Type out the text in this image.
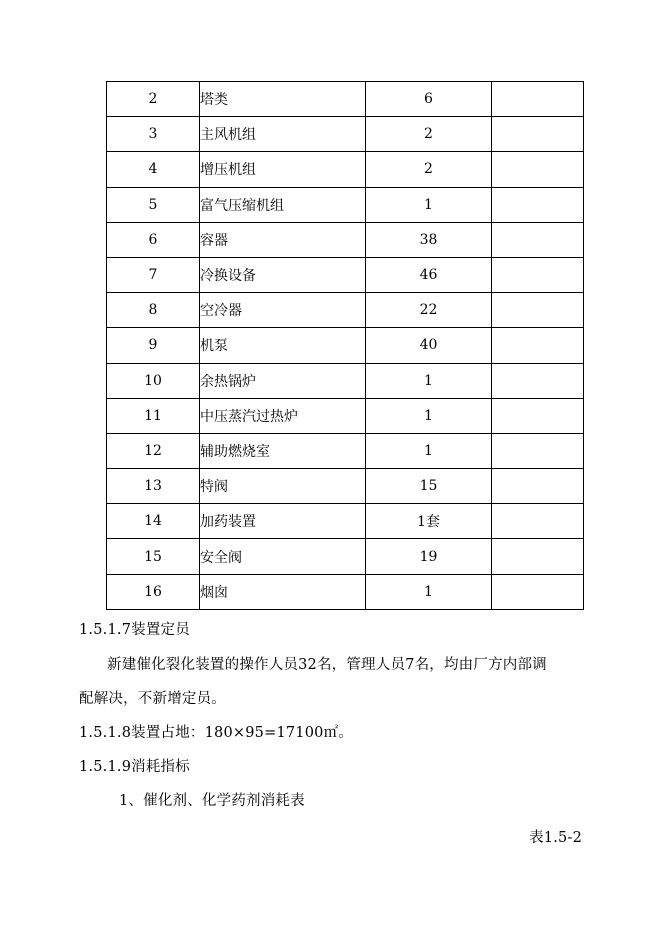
2	塔类	6	
3	主风机组	2	
4	增压机组	2	
5	富气压缩机组	1	
6	容器	38	
7	冷换设备	46	
8	空冷器	22	
9	机泵	40	
10	余热锅炉	1	
11	中压蒸汽过热炉	1	
12	辅助燃烧室	1	
13	特阀	15	
14	加药装置	1套	
15	安全阀	19	
16	烟囱	1	
1.5.1.7装置定员
新建催化裂化装置的操作人员32名，管理人员7名，均由厂方内部调
配解决，不新增定员。
1.5.1.8装置占地：180×95=17100㎡。
1.5.1.9消耗指标
1、催化剂、化学药剂消耗表
表1.5-2
